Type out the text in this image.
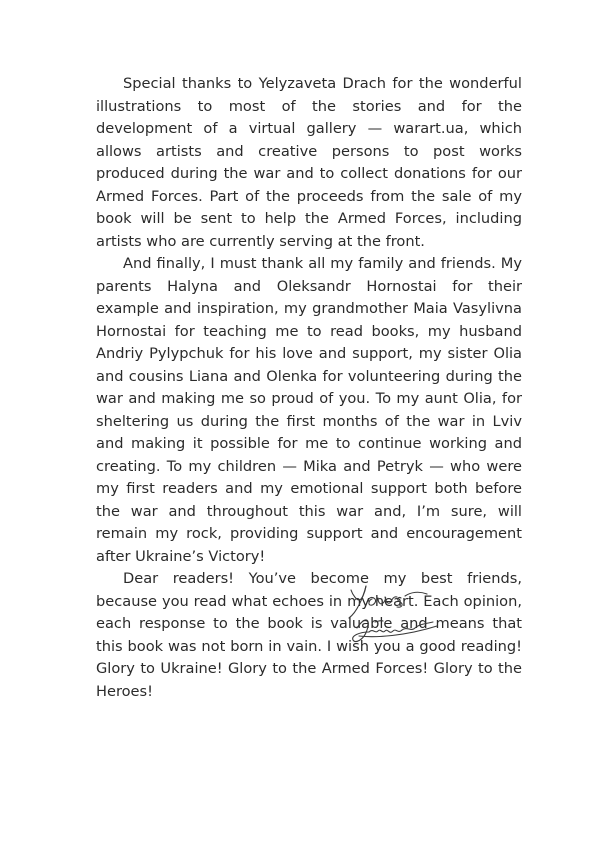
Special thanks to Yelyzaveta Drach for the wonderful illustrations to most of the stories and for the development of a virtual gallery — warart.ua, which allows artists and creative persons to post works produced during the war and to collect donations for our Armed Forces. Part of the proceeds from the sale of my book will be sent to help the Armed Forces, including artists who are currently serving at the front.

And finally, I must thank all my family and friends. My parents Halyna and Oleksandr Hornostai for their example and inspiration, my grandmother Maia Vasylivna Hornostai for teaching me to read books, my husband Andriy Pylypchuk for his love and support, my sister Olia and cousins Liana and Olenka for volunteering during the war and making me so proud of you. To my aunt Olia, for sheltering us during the first months of the war in Lviv and making it possible for me to continue working and creating. To my children — Mika and Petryk — who were my first readers and my emotional support both before the war and throughout this war and, I’m sure, will remain my rock, providing support and encouragement after Ukraine’s Victory!

Dear readers! You’ve become my best friends, because you read what echoes in my heart. Each opinion, each response to the book is valuable and means that this book was not born in vain. I wish you a good reading! Glory to Ukraine! Glory to the Armed Forces! Glory to the Heroes!
